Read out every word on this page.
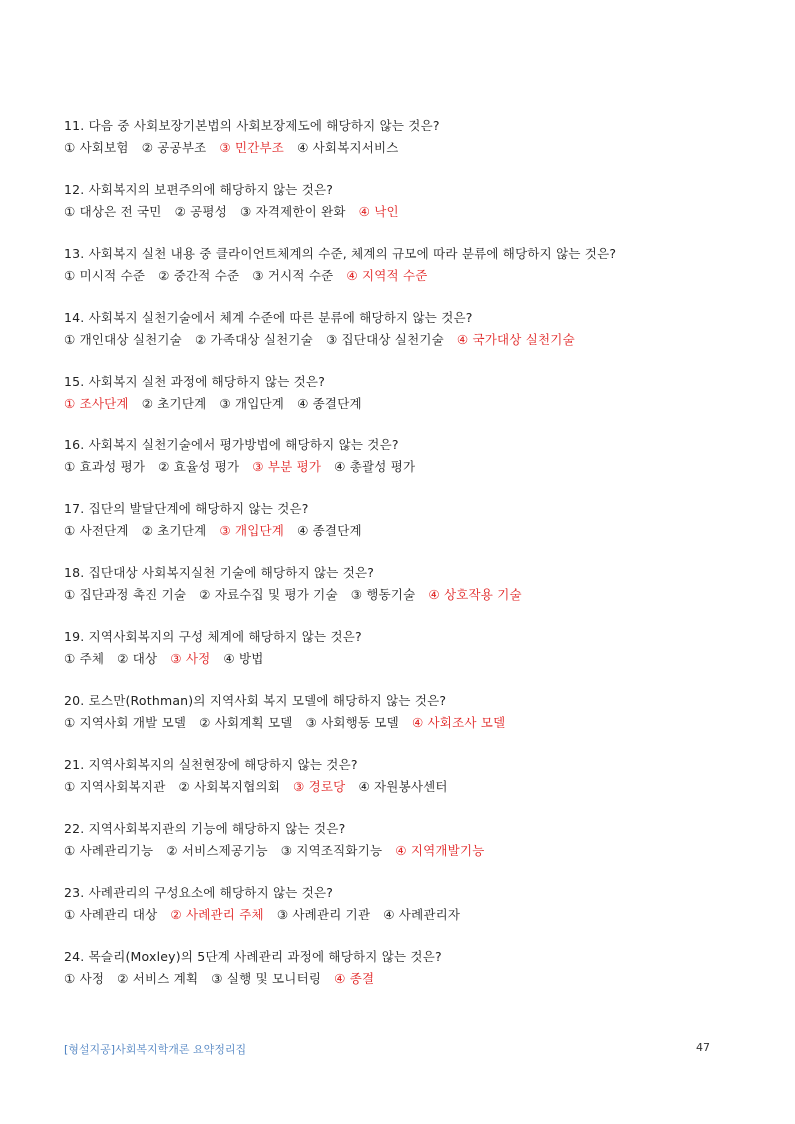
11. 다음 중 사회보장기본법의 사회보장제도에 해당하지 않는 것은?
① 사회보험 ② 공공부조 ③ 민간부조 ④ 사회복지서비스
12. 사회복지의 보편주의에 해당하지 않는 것은?
① 대상은 전 국민 ② 공평성 ③ 자격제한이 완화 ④ 낙인
13. 사회복지 실천 내용 중 클라이언트체계의 수준, 체계의 규모에 따라 분류에 해당하지 않는 것은?
① 미시적 수준 ② 중간적 수준 ③ 거시적 수준 ④ 지역적 수준
14. 사회복지 실천기술에서 체계 수준에 따른 분류에 해당하지 않는 것은?
① 개인대상 실천기술 ② 가족대상 실천기술 ③ 집단대상 실천기술 ④ 국가대상 실천기술
15. 사회복지 실천 과정에 해당하지 않는 것은?
① 조사단계 ② 초기단계 ③ 개입단계 ④ 종결단계
16. 사회복지 실천기술에서 평가방법에 해당하지 않는 것은?
① 효과성 평가 ② 효율성 평가 ③ 부분 평가 ④ 총괄성 평가
17. 집단의 발달단계에 해당하지 않는 것은?
① 사전단계 ② 초기단계 ③ 개입단계 ④ 종결단계
18. 집단대상 사회복지실천 기술에 해당하지 않는 것은?
① 집단과정 촉진 기술 ② 자료수집 및 평가 기술 ③ 행동기술 ④ 상호작용 기술
19. 지역사회복지의 구성 체계에 해당하지 않는 것은?
① 주체 ② 대상 ③ 사정 ④ 방법
20. 로스만(Rothman)의 지역사회 복지 모델에 해당하지 않는 것은?
① 지역사회 개발 모델 ② 사회계획 모델 ③ 사회행동 모델 ④ 사회조사 모델
21. 지역사회복지의 실천현장에 해당하지 않는 것은?
① 지역사회복지관 ② 사회복지협의회 ③ 경로당 ④ 자원봉사센터
22. 지역사회복지관의 기능에 해당하지 않는 것은?
① 사례관리기능 ② 서비스제공기능 ③ 지역조직화기능 ④ 지역개발기능
23. 사례관리의 구성요소에 해당하지 않는 것은?
① 사례관리 대상 ② 사례관리 주체 ③ 사례관리 기관 ④ 사례관리자
24. 목슬리(Moxley)의 5단계 사례관리 과정에 해당하지 않는 것은?
① 사정 ② 서비스 계획 ③ 실행 및 모니터링 ④ 종결
[형설지공]사회복지학개론 요약정리집	47
